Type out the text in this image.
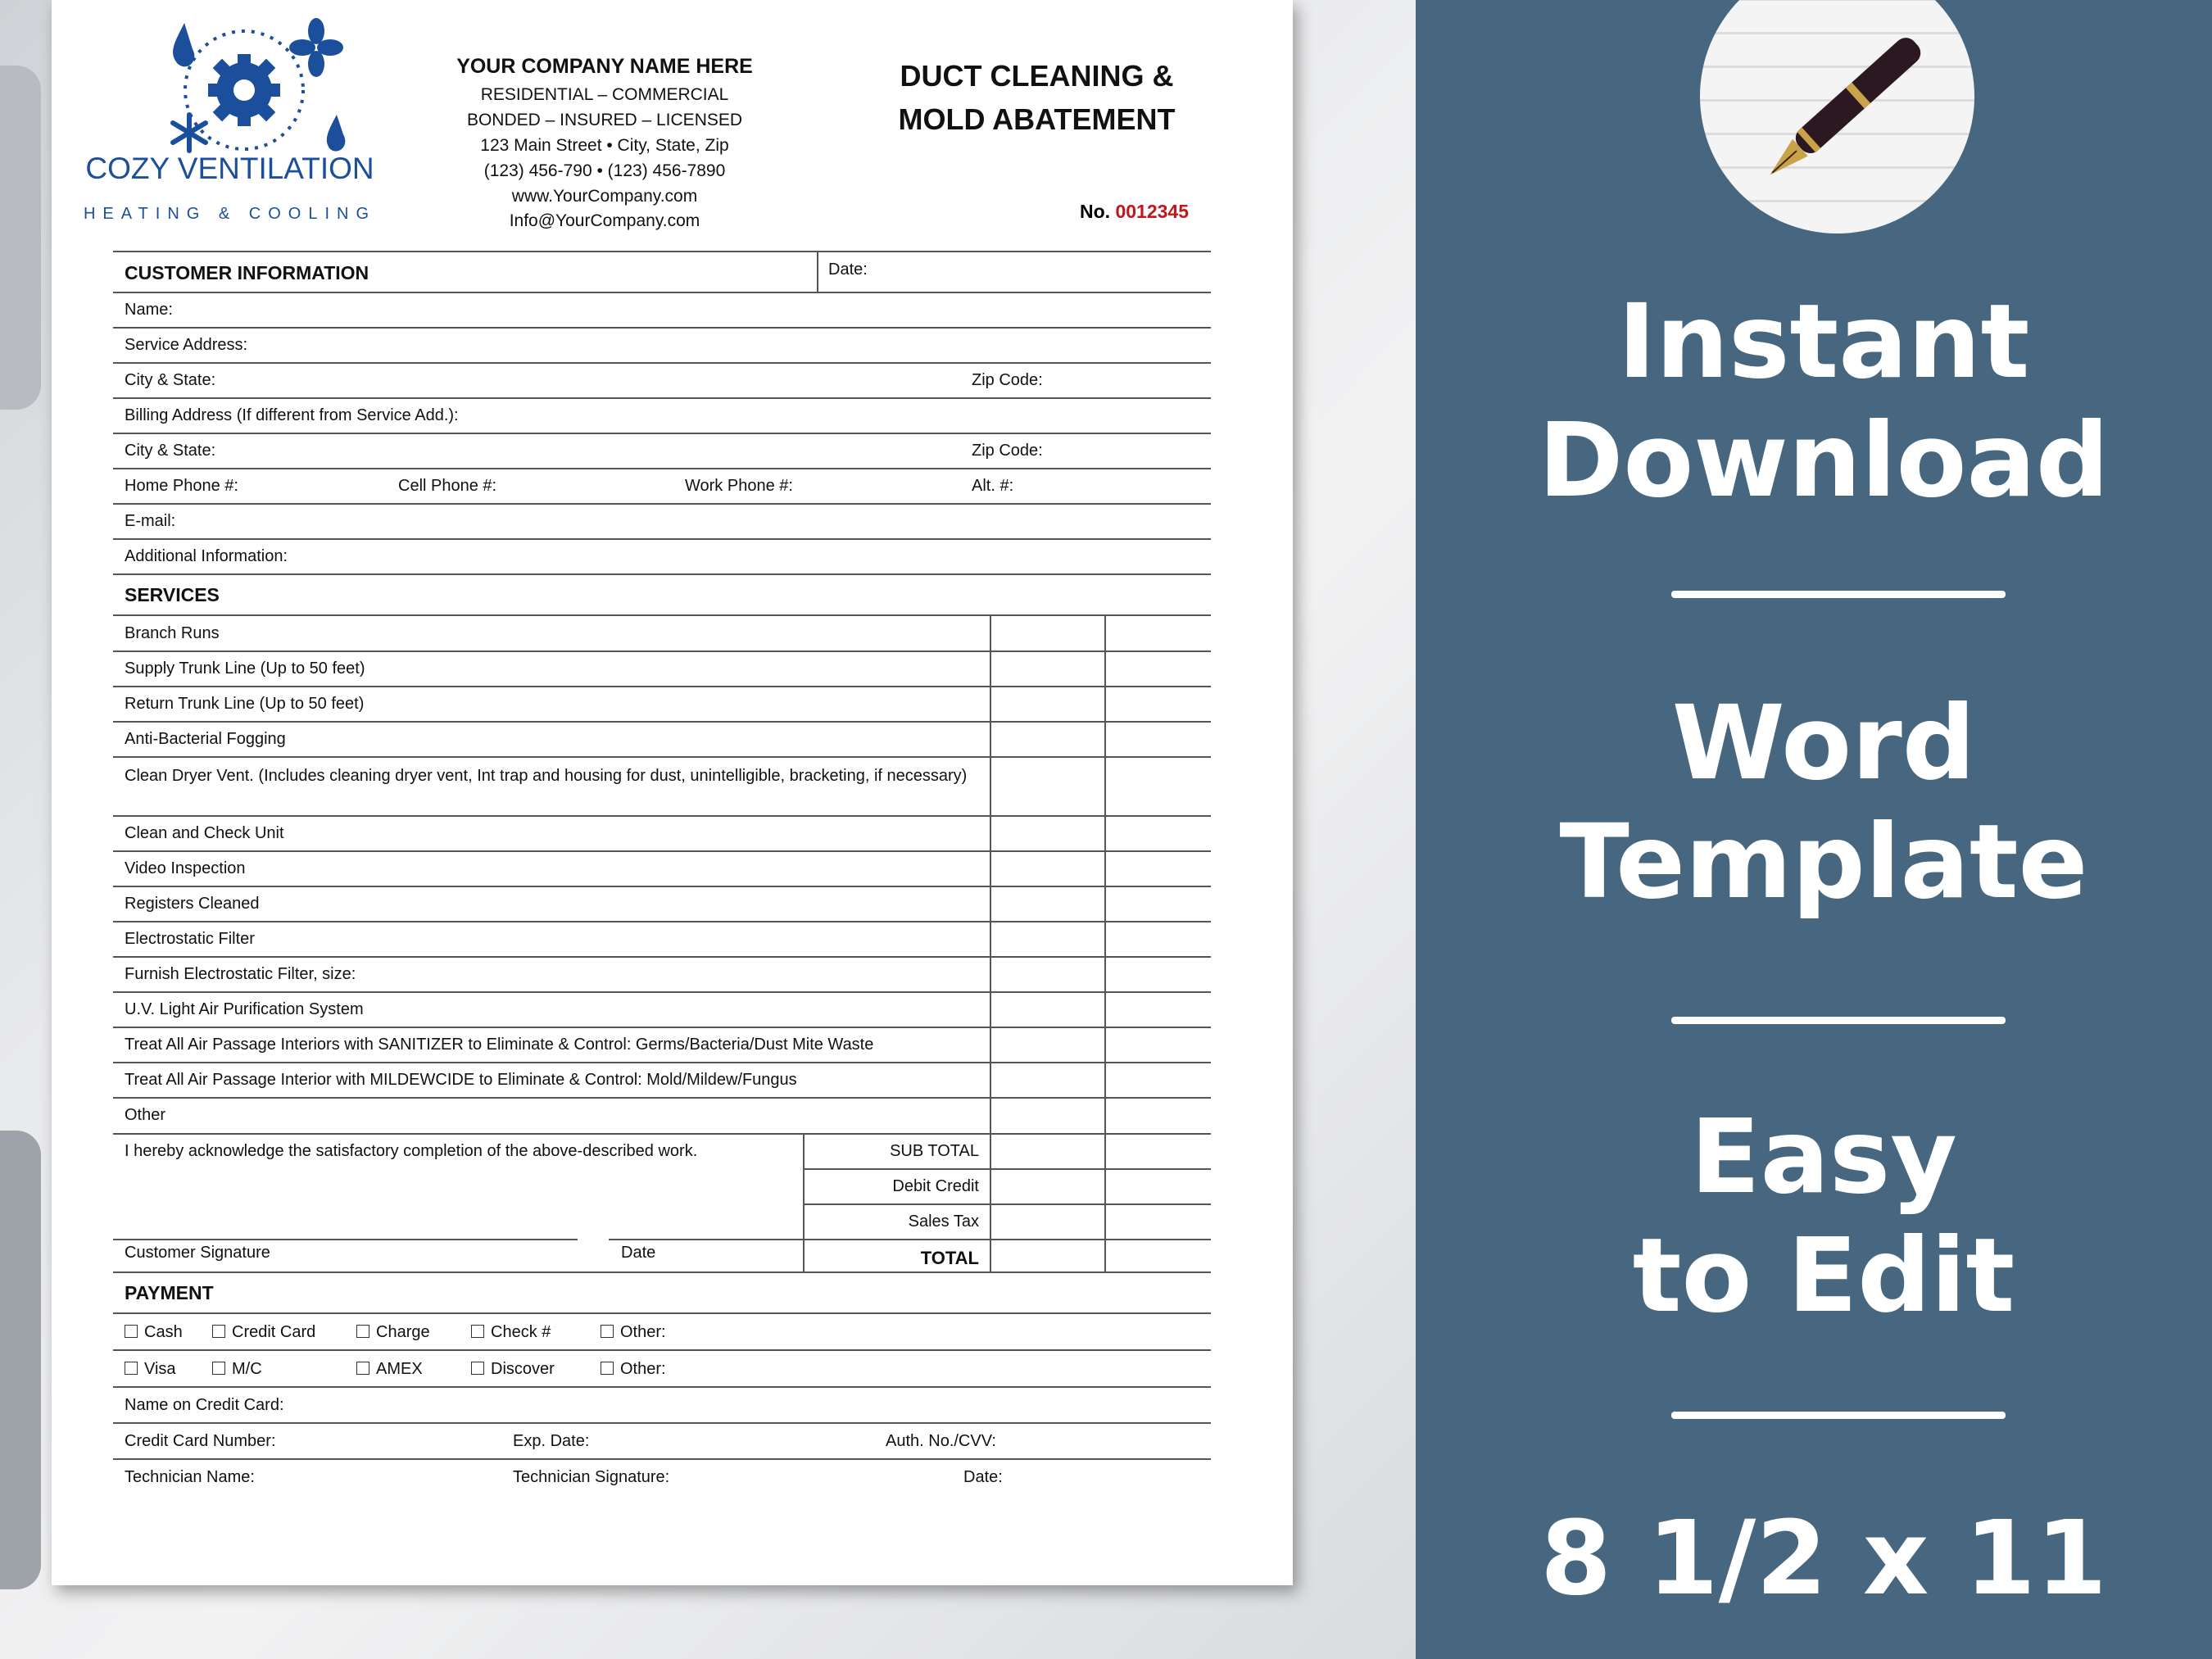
COZY VENTILATION
HEATING & COOLING
YOUR COMPANY NAME HERE
RESIDENTIAL – COMMERCIAL
BONDED – INSURED – LICENSED
123 Main Street • City, State, Zip
(123) 456-790 • (123) 456-7890
www.YourCompany.com
Info@YourCompany.com
DUCT CLEANING &
MOLD ABATEMENT
No. 0012345
CUSTOMER INFORMATION	Date:
Name:
Service Address:
City & State:	Zip Code:
Billing Address (If different from Service Add.):
City & State:	Zip Code:
Home Phone #:	Cell Phone #:	Work Phone #:	Alt. #:
E-mail:
Additional Information:
SERVICES
Branch Runs
Supply Trunk Line (Up to 50 feet)
Return Trunk Line (Up to 50 feet)
Anti-Bacterial Fogging
Clean Dryer Vent. (Includes cleaning dryer vent, Int trap and housing for dust, unintelligible, bracketing, if necessary)
Clean and Check Unit
Video Inspection
Registers Cleaned
Electrostatic Filter
Furnish Electrostatic Filter, size:
U.V. Light Air Purification System
Treat All Air Passage Interiors with SANITIZER to Eliminate & Control: Germs/Bacteria/Dust Mite Waste
Treat All Air Passage Interior with MILDEWCIDE to Eliminate & Control: Mold/Mildew/Fungus
Other
I hereby acknowledge the satisfactory completion of the above-described work.	SUB TOTAL
Debit Credit
Sales Tax
Customer Signature	Date	TOTAL
PAYMENT
Cash	Credit Card	Charge	Check #	Other:
Visa	M/C	AMEX	Discover	Other:
Name on Credit Card:
Credit Card Number:	Exp. Date:	Auth. No./CVV:
Technician Name:	Technician Signature:	Date:
Instant
Download
Word
Template
Easy
to Edit
8 1/2 x 11
